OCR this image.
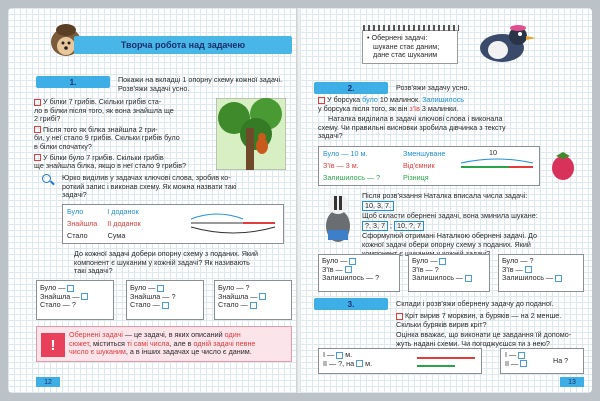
Творча робота над задачею
1.	Покажи на вкладці 1 опорну схему кожної задачі.
Розв'яжи задачі усно.
У білки 7 грибів. Скільки грибів ста-
ло в білки після того, як вона знайшла ще
2 грибі?
Після того як білка знайшла 2 гри-
би, у неї стало 9 грибів. Скільки грибів було
в білки спочатку?
У білки було 7 грибів. Скільки грибів
ще знайшла білка, якщо в неї стало 9 грибів?
Юрко виділив у задачах ключові слова, зробив ко-
роткий запис і виконав схему. Як можна назвати такі
задачі?
Було	I доданок
Знайшла II доданок
Стало	Сума
До кожної задачі добери опорну схему з поданих. Який
компонент є шуканим у кожній задачі? Як називають
такі задачі?
Було —
Знайшла —
Стало — ?
Було —
Знайшла — ?
Стало —
Було — ?
Знайшла —
Стало —
!
Обернені задачі — це задачі, в яких описаний один
сюжет, міститься ті самі числа, але в одній задачі певне
число є шуканим, а в інших задачах це число є даним.
12
• Обернені задачі:
шукане стає даним;
дане стає шуканим
2.	Розв'яжи задачу усно.
У борсука було 10 малинок. Залишилось
у борсука після того, як він з'їв 3 малинки.
Наталка виділила в задачі ключові слова і виконала
схему. Чи правильні висновки зробила дівчинка з тексту
задачі?
Було — 10 м.	Зменшуване
З'їв — 3 м.	Від'ємник
Залишилось — ?	Різниця
10
Після розв'язання Наталка вписала числа задачі:
10, 3, 7.
Щоб скласти обернені задачі, вона зминила шукане:
?, 3, 7 ; 10, ?, 7
Сформулюй отримані Наталкою обернені задачі. До
кожної задачі обери опорну схему з поданих. Який
є
Було —
З'їв —
Залишилось — ?
Було —
З'їв — ?
Залишилось —
Було — ?
З'їв —
Залишилось —
3.	Склади і розв'яжи обернену задачу до поданої.
Кріт вирив 7 морквин, а буряків — на 2 менше.
Скільки буряків вирив кріт?
Оцінка вважає, що виконати це завдання їй допомо-
жуть надані схеми. Чи погоджуєшся ти з нею?
I —  м.
II — ?, на м.
I —
II —	На ?
13
